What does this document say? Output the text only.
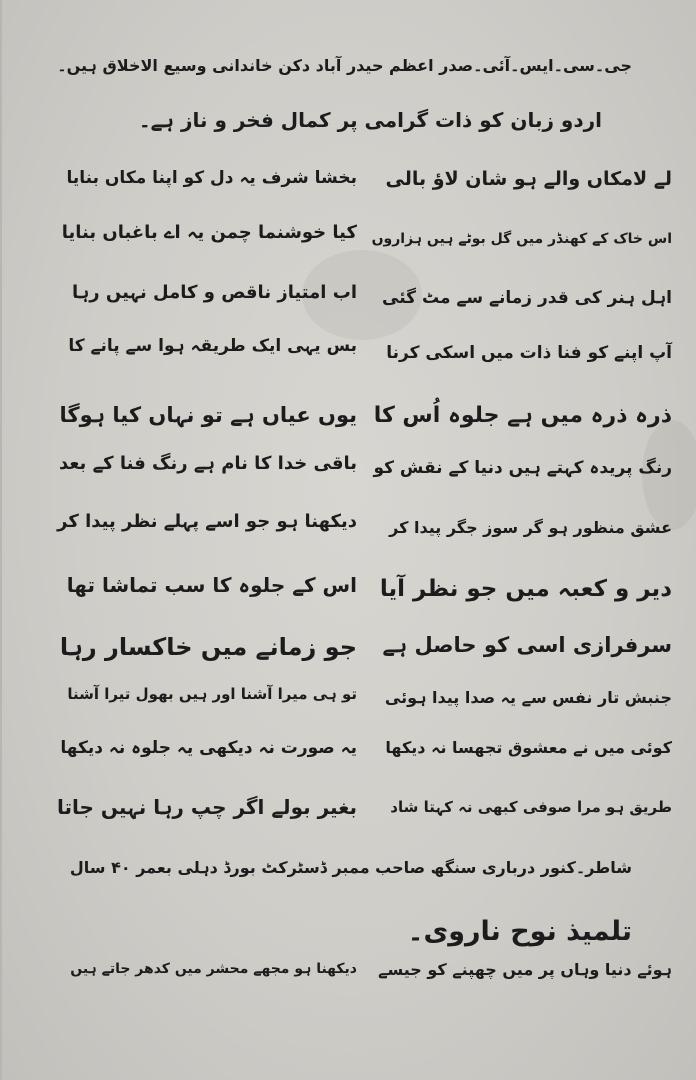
جی۔سی۔ایس۔آئی۔صدر اعظم حیدر آباد دکن خاندانی وسیع الاخلاق ہیں۔
اردو زبان کو ذات گرامی پر کمال فخر و ناز ہے۔
لے لامکاں والے ہو شان لاؤ بالی
بخشا شرف یہ دل کو اپنا مکاں بنایا
اس خاک کے کھنڈر میں گل بوٹے ہیں ہزاروں
کیا خوشنما چمن یہ اے باغباں بنایا
اہل ہنر کی قدر زمانے سے مٹ گئی
اب امتیاز ناقص و کامل نہیں رہا
آپ اپنے کو فنا ذات میں اسکی کرنا
بس یہی ایک طریقہ ہوا سے پانے کا
ذرہ ذرہ میں ہے جلوہ اُس کا
یوں عیاں ہے تو نہاں کیا ہوگا
رنگ پریدہ کہتے ہیں دنیا کے نقش کو
باقی خدا کا نام ہے رنگ فنا کے بعد
عشق منظور ہو گر سوز جگر پیدا کر
دیکھنا ہو جو اسے پہلے نظر پیدا کر
دیر و کعبہ میں جو نظر آیا
اس کے جلوہ کا سب تماشا تھا
سرفرازی اسی کو حاصل ہے
جو زمانے میں خاکسار رہا
جنبش تار نفس سے یہ صدا پیدا ہوئی
تو ہی میرا آشنا اور ہیں بھول تیرا آشنا
کوئی میں نے معشوق تجھسا نہ دیکھا
یہ صورت نہ دیکھی یہ جلوہ نہ دیکھا
طریق ہو مرا صوفی کبھی نہ کہتا شاد
بغیر بولے اگر چپ رہا نہیں جاتا
شاطر۔کنور درباری سنگھ صاحب ممبر ڈسٹرکٹ بورڈ دہلی بعمر ۴۰ سال
تلمیذ نوح ناروی۔
ہوئے دنیا وہاں پر میں چھپنے کو جیسے
دیکھنا ہو مجھے محشر میں کدھر جاتے ہیں
